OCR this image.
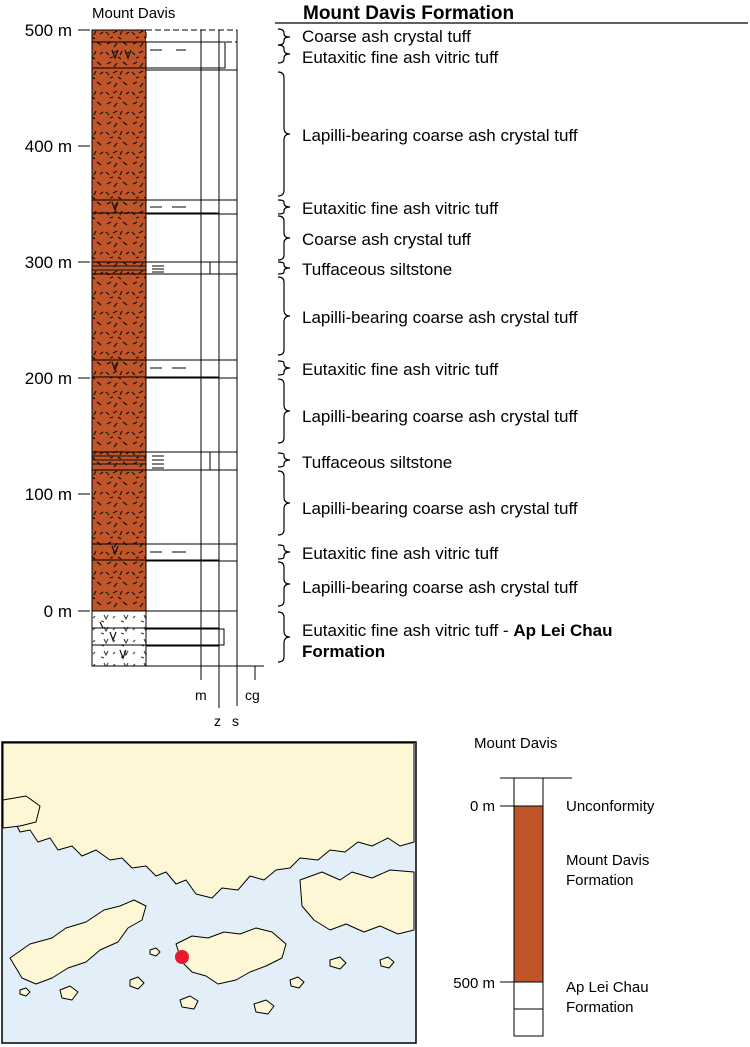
Mount Davis
500 m
400 m
300 m
200 m
100 m
0 m
m
z s
cg
Mount Davis Formation
Coarse ash crystal tuff
Eutaxitic fine ash vitric tuff
Lapilli-bearing coarse ash crystal tuff
Eutaxitic fine ash vitric tuff
Coarse ash crystal tuff
Tuffaceous siltstone
Lapilli-bearing coarse ash crystal tuff
Eutaxitic fine ash vitric tuff
Lapilli-bearing coarse ash crystal tuff
Tuffaceous siltstone
Lapilli-bearing coarse ash crystal tuff
Eutaxitic fine ash vitric tuff
Lapilli-bearing coarse ash crystal tuff
Eutaxitic fine ash vitric tuff - Ap Lei Chau
Formation
Mount Davis
0 m
500 m
Unconformity
Mount Davis
Formation
Ap Lei Chau
Formation
